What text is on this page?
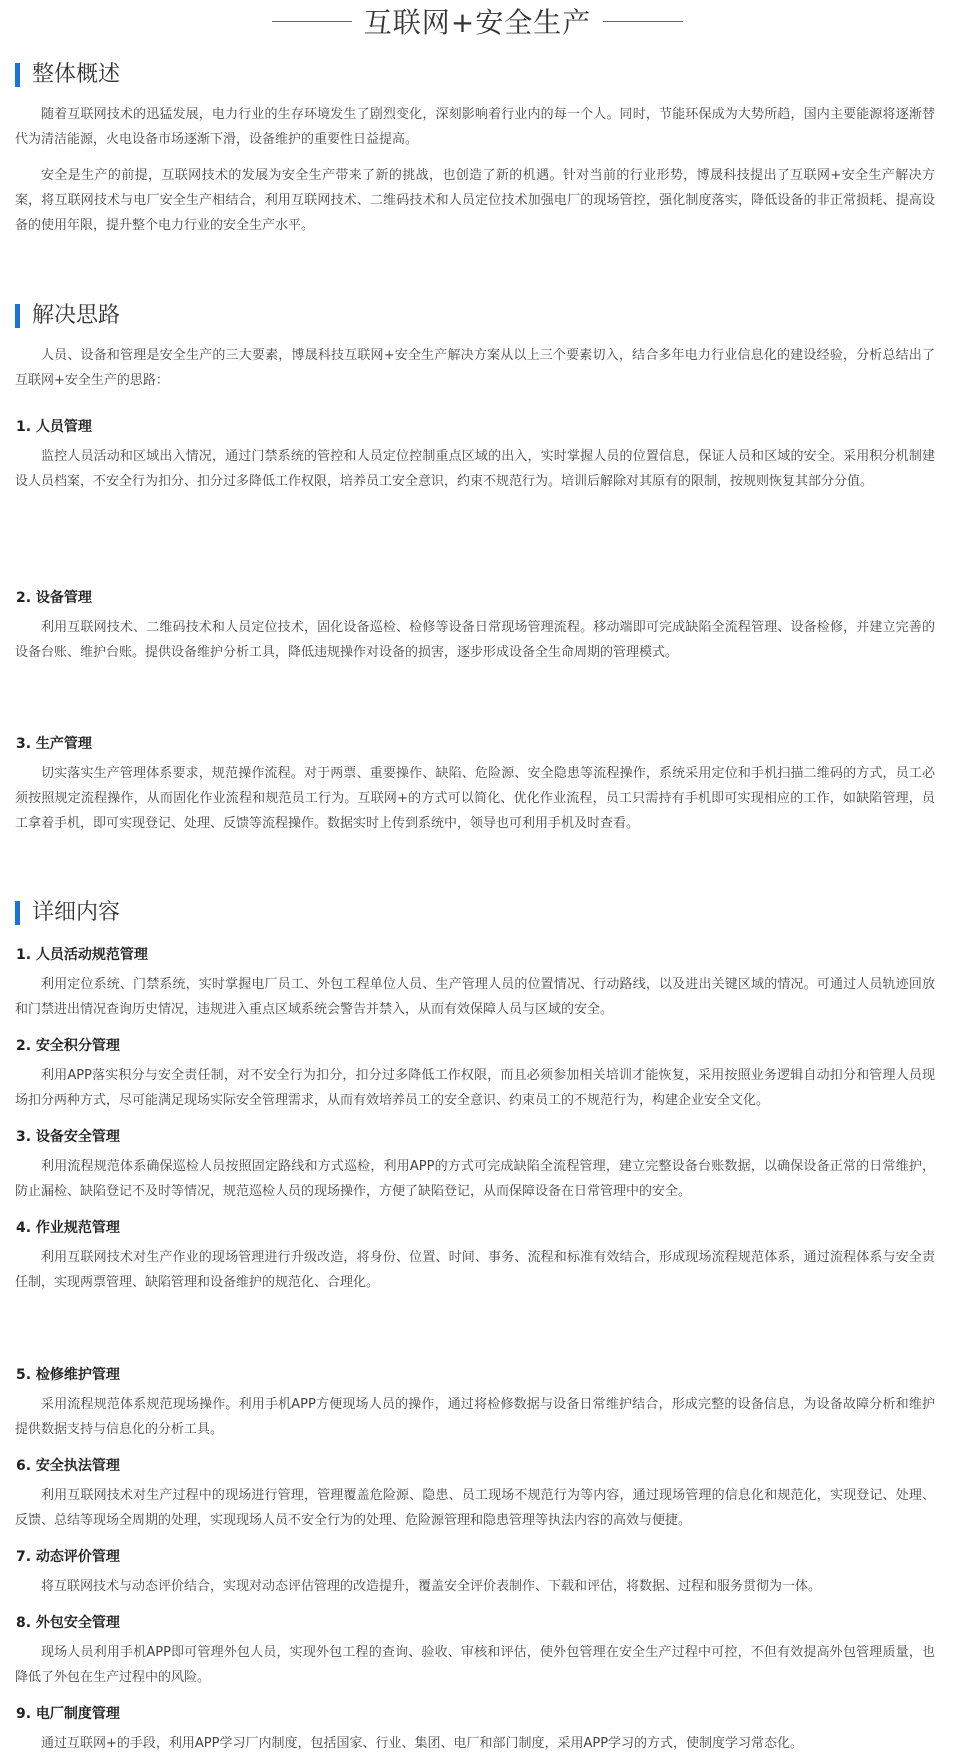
互联网+安全生产
整体概述

随着互联网技术的迅猛发展，电力行业的生存环境发生了剧烈变化，深刻影响着行业内的每一个人。同时，节能环保成为大势所趋，国内主要能源将逐渐替代为清洁能源，火电设备市场逐渐下滑，设备维护的重要性日益提高。

安全是生产的前提，互联网技术的发展为安全生产带来了新的挑战，也创造了新的机遇。针对当前的行业形势，博晟科技提出了互联网+安全生产解决方案，将互联网技术与电厂安全生产相结合，利用互联网技术、二维码技术和人员定位技术加强电厂的现场管控，强化制度落实，降低设备的非正常损耗、提高设备的使用年限，提升整个电力行业的安全生产水平。

解决思路

人员、设备和管理是安全生产的三大要素，博晟科技互联网+安全生产解决方案从以上三个要素切入，结合多年电力行业信息化的建设经验，分析总结出了互联网+安全生产的思路：

1. 人员管理

监控人员活动和区域出入情况，通过门禁系统的管控和人员定位控制重点区域的出入，实时掌握人员的位置信息，保证人员和区域的安全。采用积分机制建设人员档案，不安全行为扣分、扣分过多降低工作权限，培养员工安全意识，约束不规范行为。培训后解除对其原有的限制，按规则恢复其部分分值。

2. 设备管理

利用互联网技术、二维码技术和人员定位技术，固化设备巡检、检修等设备日常现场管理流程。移动端即可完成缺陷全流程管理、设备检修，并建立完善的设备台账、维护台账。提供设备维护分析工具，降低违规操作对设备的损害，逐步形成设备全生命周期的管理模式。

3. 生产管理

切实落实生产管理体系要求，规范操作流程。对于两票、重要操作、缺陷、危险源、安全隐患等流程操作，系统采用定位和手机扫描二维码的方式，员工必须按照规定流程操作，从而固化作业流程和规范员工行为。互联网+的方式可以简化、优化作业流程，员工只需持有手机即可实现相应的工作，如缺陷管理，员工拿着手机，即可实现登记、处理、反馈等流程操作。数据实时上传到系统中，领导也可利用手机及时查看。

详细内容
1. 人员活动规范管理

利用定位系统、门禁系统，实时掌握电厂员工、外包工程单位人员、生产管理人员的位置情况、行动路线，以及进出关键区域的情况。可通过人员轨迹回放和门禁进出情况查询历史情况，违规进入重点区域系统会警告并禁入，从而有效保障人员与区域的安全。

2. 安全积分管理

利用APP落实积分与安全责任制，对不安全行为扣分，扣分过多降低工作权限，而且必须参加相关培训才能恢复，采用按照业务逻辑自动扣分和管理人员现场扣分两种方式，尽可能满足现场实际安全管理需求，从而有效培养员工的安全意识、约束员工的不规范行为，构建企业安全文化。

3. 设备安全管理

利用流程规范体系确保巡检人员按照固定路线和方式巡检，利用APP的方式可完成缺陷全流程管理，建立完整设备台账数据，以确保设备正常的日常维护，防止漏检、缺陷登记不及时等情况，规范巡检人员的现场操作，方便了缺陷登记，从而保障设备在日常管理中的安全。

4. 作业规范管理

利用互联网技术对生产作业的现场管理进行升级改造，将身份、位置、时间、事务、流程和标准有效结合，形成现场流程规范体系，通过流程体系与安全责任制，实现两票管理、缺陷管理和设备维护的规范化、合理化。

5. 检修维护管理

采用流程规范体系规范现场操作。利用手机APP方便现场人员的操作，通过将检修数据与设备日常维护结合，形成完整的设备信息，为设备故障分析和维护提供数据支持与信息化的分析工具。

6. 安全执法管理

利用互联网技术对生产过程中的现场进行管理，管理覆盖危险源、隐患、员工现场不规范行为等内容，通过现场管理的信息化和规范化，实现登记、处理、反馈、总结等现场全周期的处理，实现现场人员不安全行为的处理、危险源管理和隐患管理等执法内容的高效与便捷。

7. 动态评价管理

将互联网技术与动态评价结合，实现对动态评估管理的改造提升，覆盖安全评价表制作、下载和评估，将数据、过程和服务贯彻为一体。

8. 外包安全管理

现场人员利用手机APP即可管理外包人员，实现外包工程的查询、验收、审核和评估，使外包管理在安全生产过程中可控，不但有效提高外包管理质量，也降低了外包在生产过程中的风险。

9. 电厂制度管理

通过互联网+的手段，利用APP学习厂内制度，包括国家、行业、集团、电厂和部门制度，采用APP学习的方式，使制度学习常态化。
